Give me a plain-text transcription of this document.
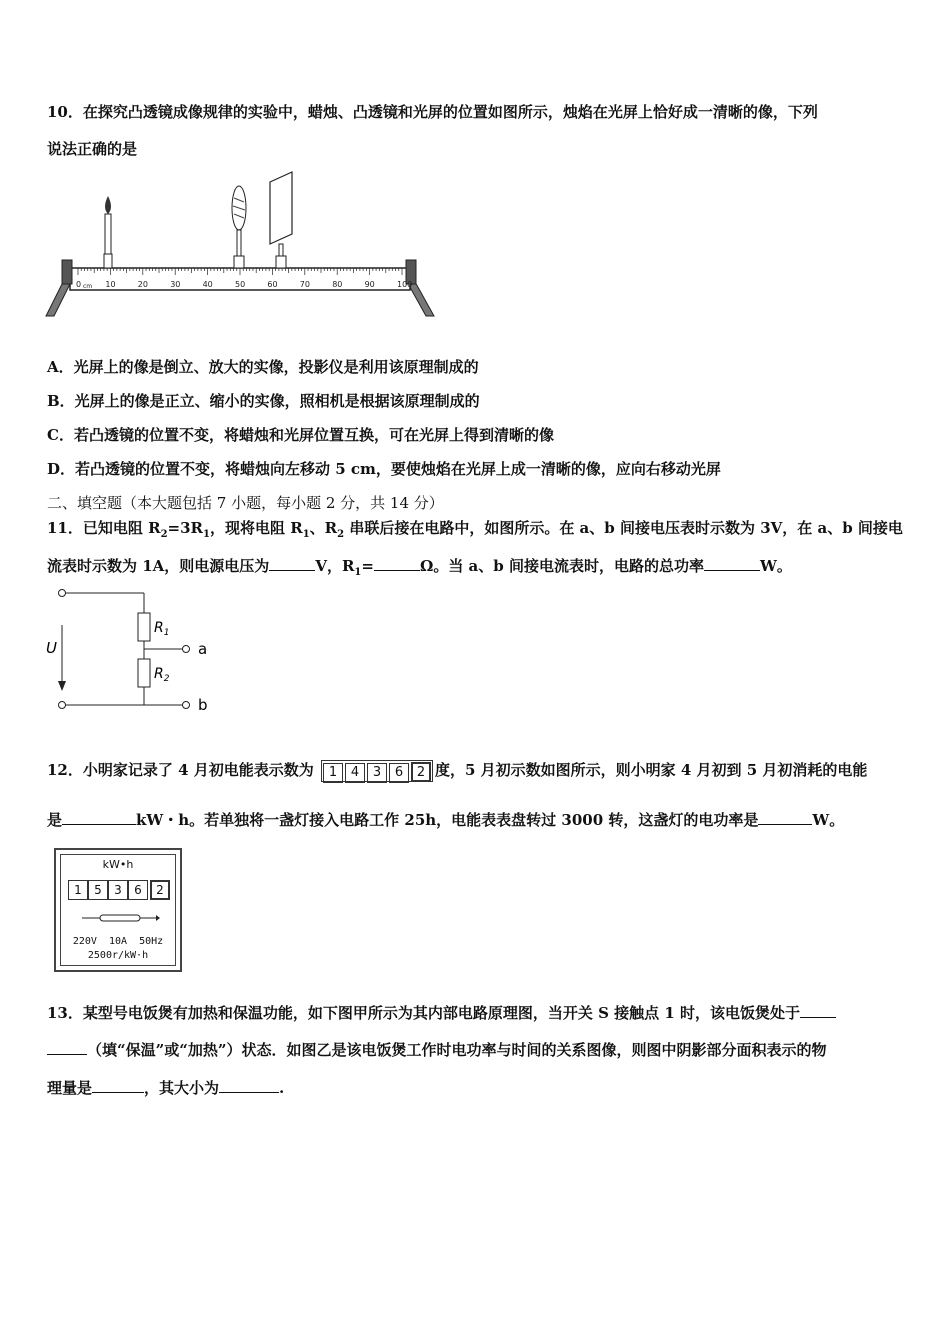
10．在探究凸透镜成像规律的实验中，蜡烛、凸透镜和光屏的位置如图所示，烛焰在光屏上恰好成一清晰的像，下列
说法正确的是
0	10	20	30	40	50	60	70	80	90	100
cm
A．光屏上的像是倒立、放大的实像，投影仪是利用该原理制成的
B．光屏上的像是正立、缩小的实像，照相机是根据该原理制成的
C．若凸透镜的位置不变，将蜡烛和光屏位置互换，可在光屏上得到清晰的像
D．若凸透镜的位置不变，将蜡烛向左移动 5 cm，要使烛焰在光屏上成一清晰的像，应向右移动光屏
二、填空题（本大题包括 7 小题，每小题 2 分，共 14 分）
11．已知电阻 $R_2=3R_1$，现将电阻 $R_1$、$R_2$ 串联后接在电路中，如图所示。在 a、b 间接电压表时示数为 3V，在 a、b 间接电
流表时示数为 1A，则电源电压为	V，$R_1=$	Ω。当 a、b 间接电流表时，电路的总功率	W。
U
$R_1$
$R_2$
a
b
12．小明家记录了 4 月初电能表示数为 1 4 3 6 2 度，5 月初示数如图所示，则小明家 4 月初到 5 月初消耗的电能
是	kW・h。若单独将一盏灯接入电路工作 25h，电能表表盘转过 3000 转，这盏灯的电功率是	W。
kW•h
1	5	3	6	2
220V  10A  50Hz
2500r/kW·h
13．某型号电饭煲有加热和保温功能，如下图甲所示为其内部电路原理图，当开关 S 接触点 1 时，该电饭煲处于
（填“保温”或“加热”）状态．如图乙是该电饭煲工作时电功率与时间的关系图像，则图中阴影部分面积表示的物
理量是	，其大小为	.
